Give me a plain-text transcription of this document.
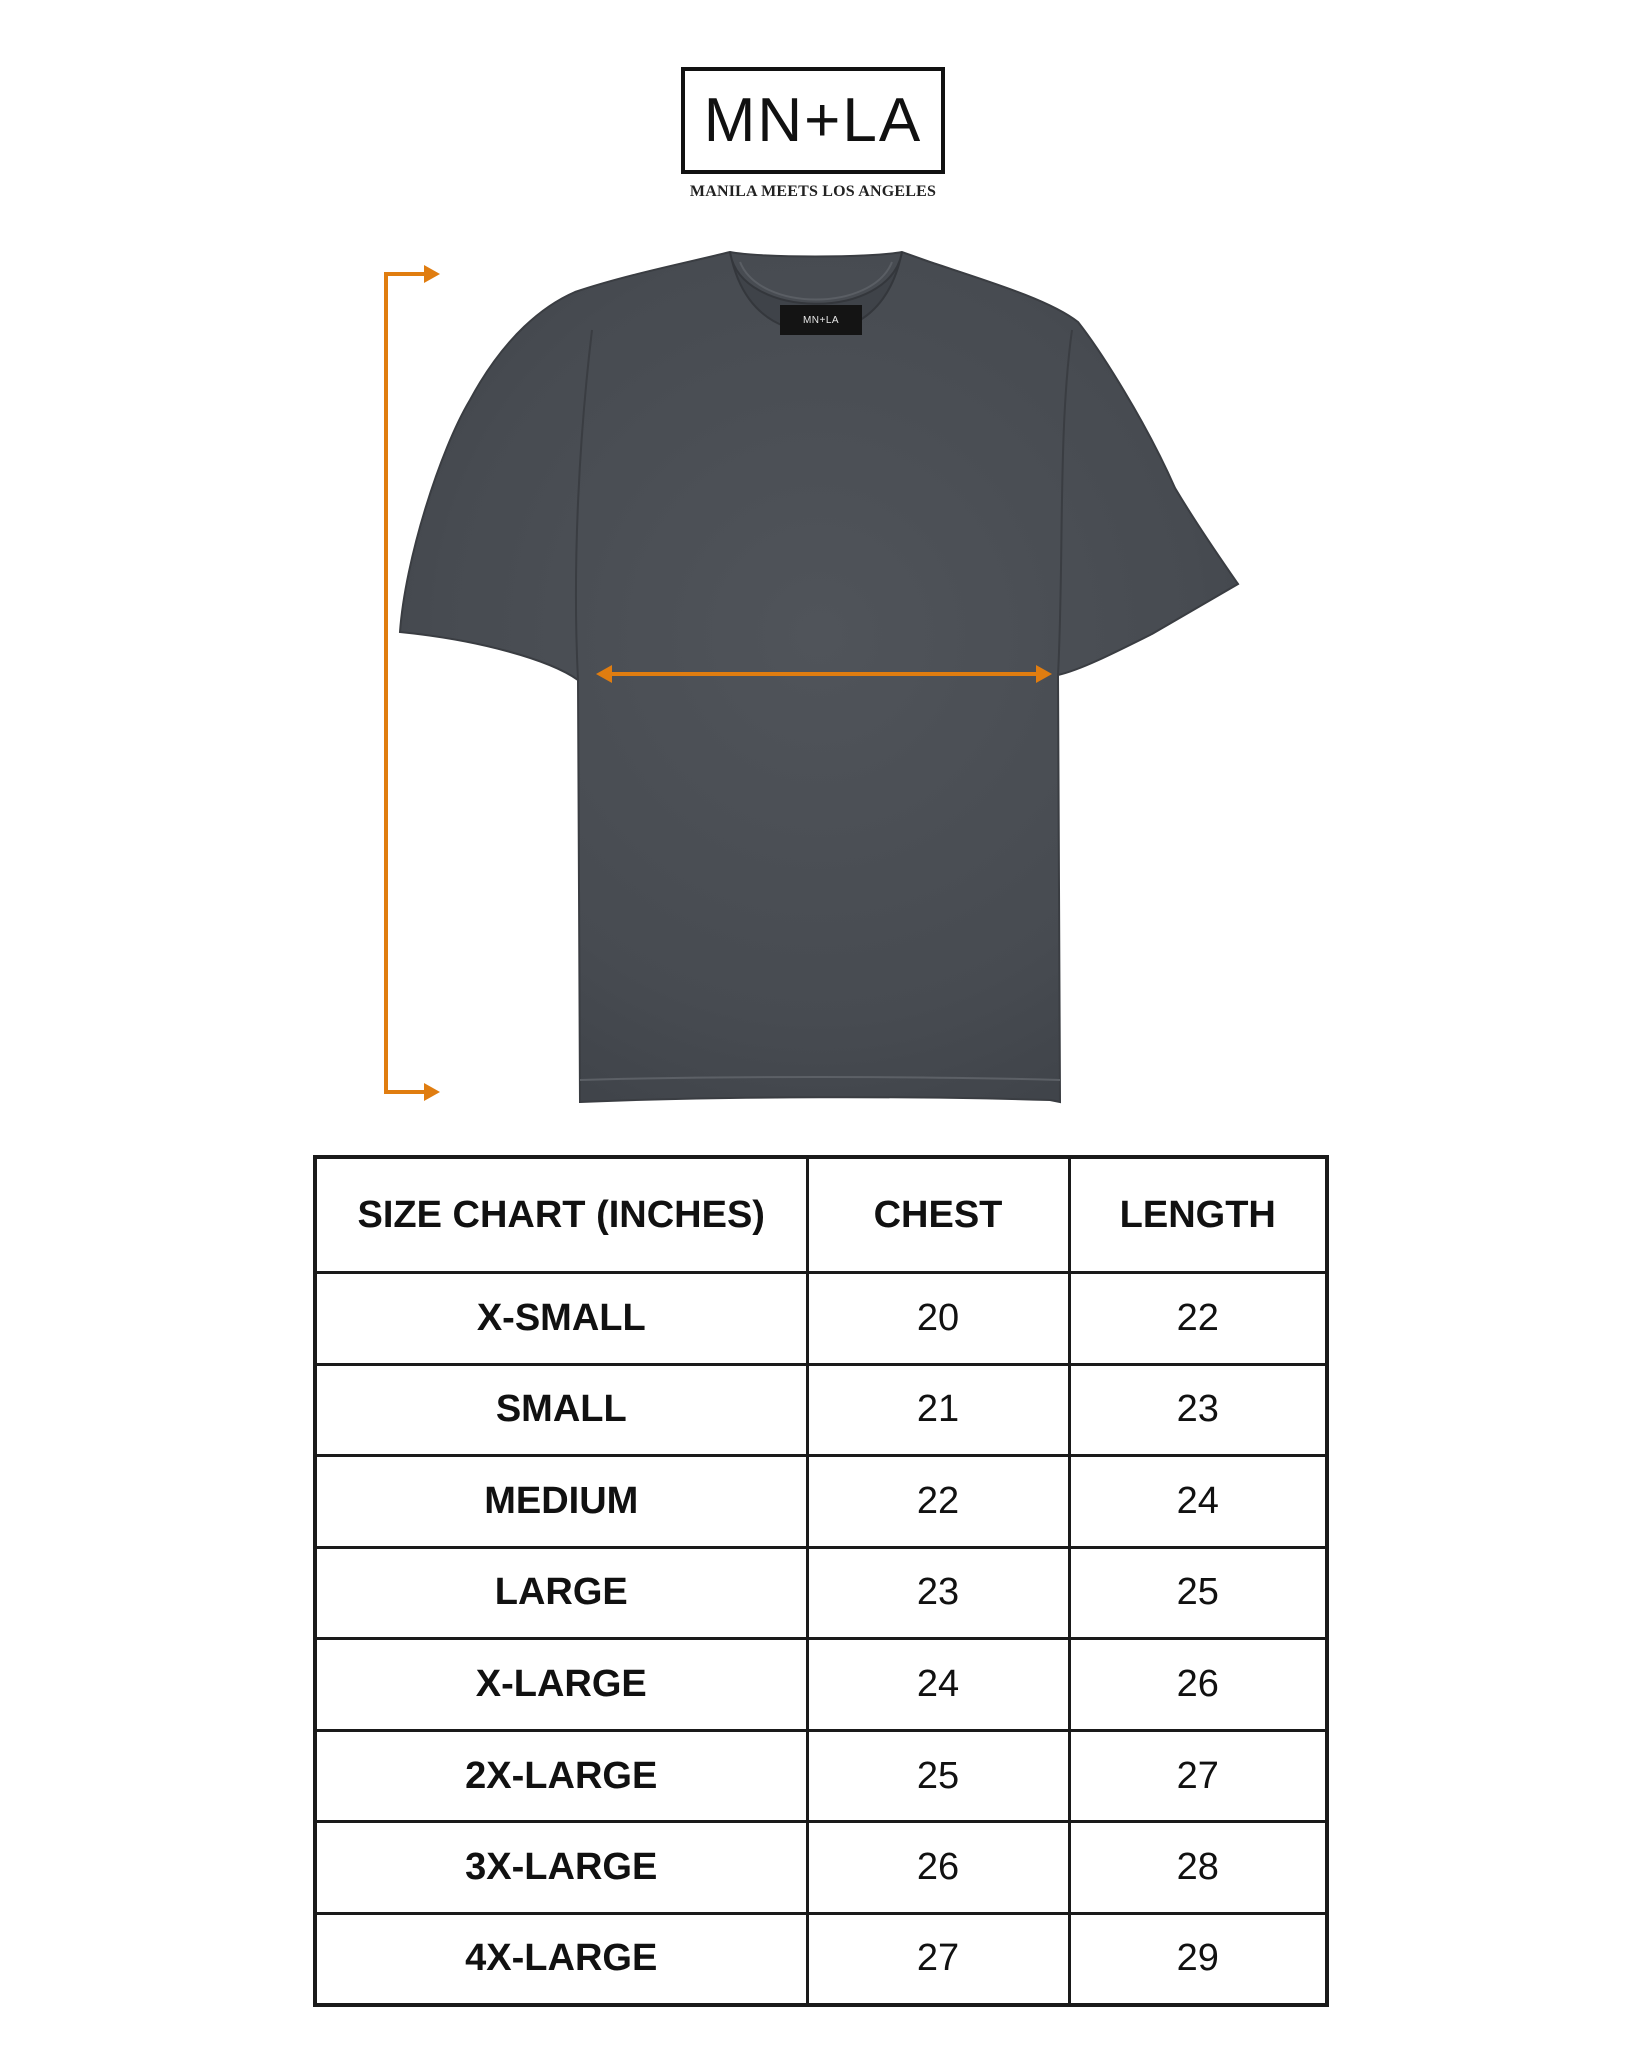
MN+LA
MANILA MEETS LOS ANGELES
MN+LA
SIZE CHART (INCHES)	CHEST	LENGTH
X-SMALL	20	22
SMALL	21	23
MEDIUM	22	24
LARGE	23	25
X-LARGE	24	26
2X-LARGE	25	27
3X-LARGE	26	28
4X-LARGE	27	29
